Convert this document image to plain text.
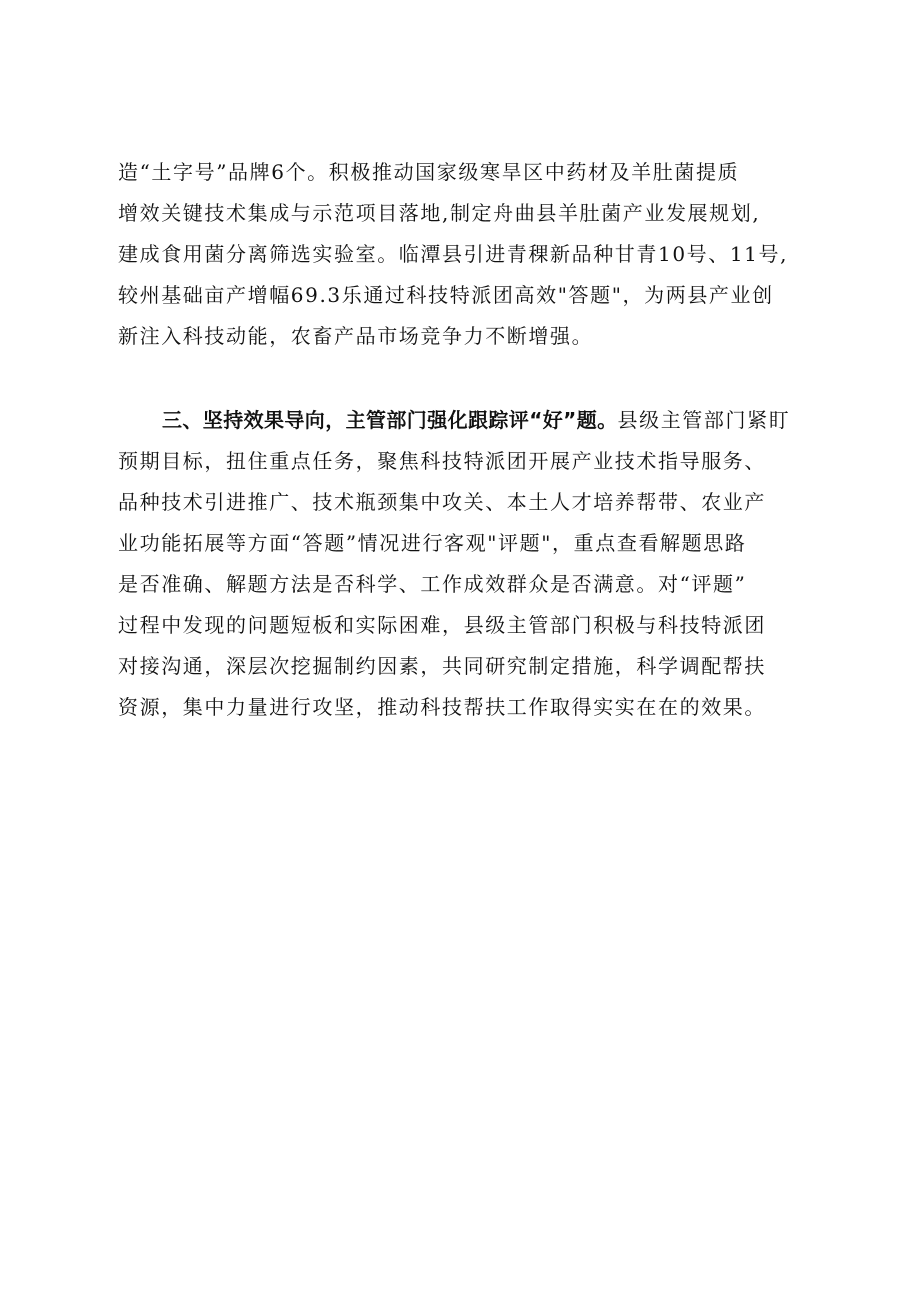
造“土字号”品牌6个。积极推动国家级寒旱区中药材及羊肚菌提质
增效关键技术集成与示范项目落地,制定舟曲县羊肚菌产业发展规划,
建成食用菌分离筛选实验室。临潭县引进青稞新品种甘青10号、11号,
较州基础亩产增幅69.3乐通过科技特派团高效"答题"，为两县产业创
新注入科技动能，农畜产品市场竞争力不断增强。
三、坚持效果导向，主管部门强化跟踪评“好”题。县级主管部门紧盯
预期目标，扭住重点任务，聚焦科技特派团开展产业技术指导服务、
品种技术引进推广、技术瓶颈集中攻关、本土人才培养帮带、农业产
业功能拓展等方面“答题”情况进行客观"评题"，重点查看解题思路
是否准确、解题方法是否科学、工作成效群众是否满意。对“评题”
过程中发现的问题短板和实际困难，县级主管部门积极与科技特派团
对接沟通，深层次挖掘制约因素，共同研究制定措施，科学调配帮扶
资源，集中力量进行攻坚，推动科技帮扶工作取得实实在在的效果。
